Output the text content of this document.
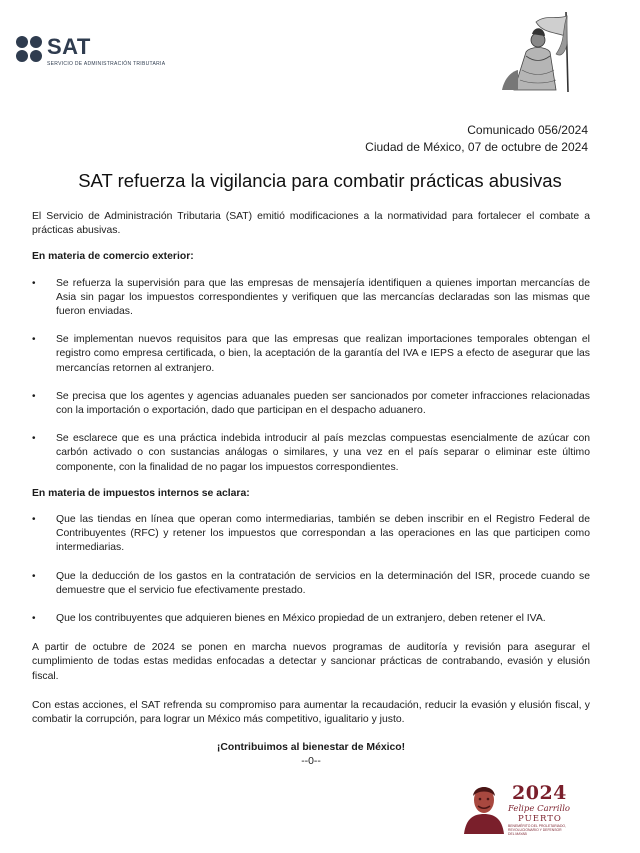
SAT
SERVICIO DE ADMINISTRACIÓN TRIBUTARIA
Comunicado 056/2024
Ciudad de México, 07 de octubre de 2024
SAT refuerza la vigilancia para combatir prácticas abusivas

El Servicio de Administración Tributaria (SAT) emitió modificaciones a la normatividad para fortalecer el combate a prácticas abusivas.

En materia de comercio exterior:

• Se refuerza la supervisión para que las empresas de mensajería identifiquen a quienes importan mercancías de Asia sin pagar los impuestos correspondientes y verifiquen que las mercancías declaradas son las mismas que fueron enviadas.
• Se implementan nuevos requisitos para que las empresas que realizan importaciones temporales obtengan el registro como empresa certificada, o bien, la aceptación de la garantía del IVA e IEPS a efecto de asegurar que las mercancías retornen al extranjero.
• Se precisa que los agentes y agencias aduanales pueden ser sancionados por cometer infracciones relacionadas con la importación o exportación, dado que participan en el despacho aduanero.
• Se esclarece que es una práctica indebida introducir al país mezclas compuestas esencialmente de azúcar con carbón activado o con sustancias análogas o similares, y una vez en el país separar o eliminar este último componente, con la finalidad de no pagar los impuestos correspondientes.

En materia de impuestos internos se aclara:

• Que las tiendas en línea que operan como intermediarias, también se deben inscribir en el Registro Federal de Contribuyentes (RFC) y retener los impuestos que correspondan a las operaciones en las que participen como intermediarias.
• Que la deducción de los gastos en la contratación de servicios en la determinación del ISR, procede cuando se demuestre que el servicio fue efectivamente prestado.
• Que los contribuyentes que adquieren bienes en México propiedad de un extranjero, deben retener el IVA.

A partir de octubre de 2024 se ponen en marcha nuevos programas de auditoría y revisión para asegurar el cumplimiento de todas estas medidas enfocadas a detectar y sancionar prácticas de contrabando, evasión y elusión fiscal.

Con estas acciones, el SAT refrenda su compromiso para aumentar la recaudación, reducir la evasión y elusión fiscal, y combatir la corrupción, para lograr un México más competitivo, igualitario y justo.

¡Contribuimos al bienestar de México!

--0--

2024
Felipe Carrillo
PUERTO
BENEMÉRITO DEL PROLETARIADO, REVOLUCIONARIO Y DEFENSOR DEL MAYAB
